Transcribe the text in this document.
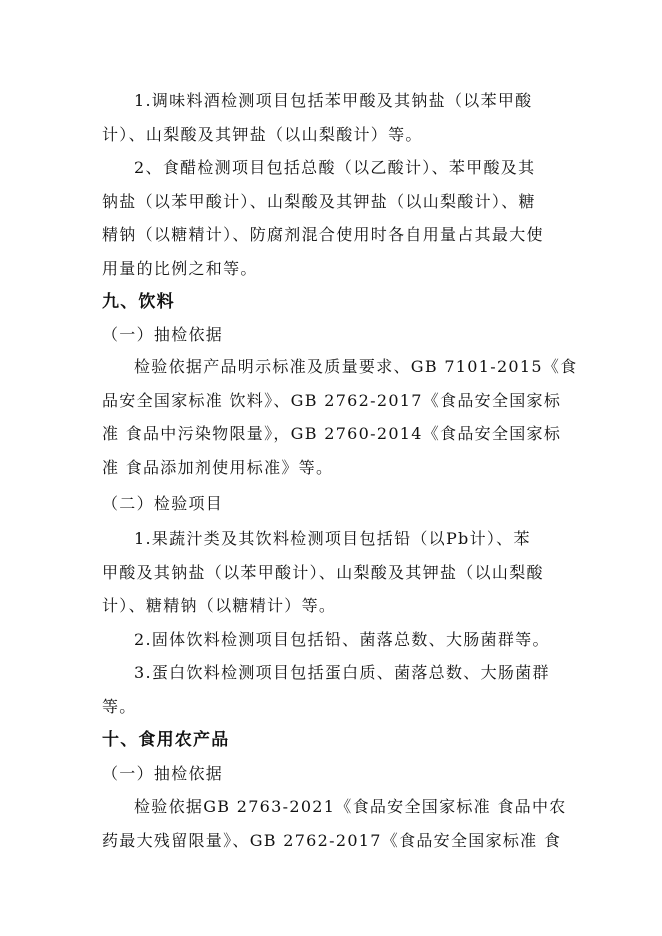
1.调味料酒检测项目包括苯甲酸及其钠盐（以苯甲酸
计）、山梨酸及其钾盐（以山梨酸计）等。
2、食醋检测项目包括总酸（以乙酸计）、苯甲酸及其
钠盐（以苯甲酸计）、山梨酸及其钾盐（以山梨酸计）、糖
精钠（以糖精计）、防腐剂混合使用时各自用量占其最大使
用量的比例之和等。
九、饮料
（一）抽检依据
检验依据产品明示标准及质量要求、GB 7101-2015《食
品安全国家标准 饮料》、GB 2762-2017《食品安全国家标
准 食品中污染物限量》，GB 2760-2014《食品安全国家标
准 食品添加剂使用标准》等。
（二）检验项目
1.果蔬汁类及其饮料检测项目包括铅（以Pb计）、苯
甲酸及其钠盐（以苯甲酸计）、山梨酸及其钾盐（以山梨酸
计）、糖精钠（以糖精计）等。
2.固体饮料检测项目包括铅、菌落总数、大肠菌群等。
3.蛋白饮料检测项目包括蛋白质、菌落总数、大肠菌群
等。
十、食用农产品
（一）抽检依据
检验依据GB 2763-2021《食品安全国家标准 食品中农
药最大残留限量》、GB 2762-2017《食品安全国家标准 食
